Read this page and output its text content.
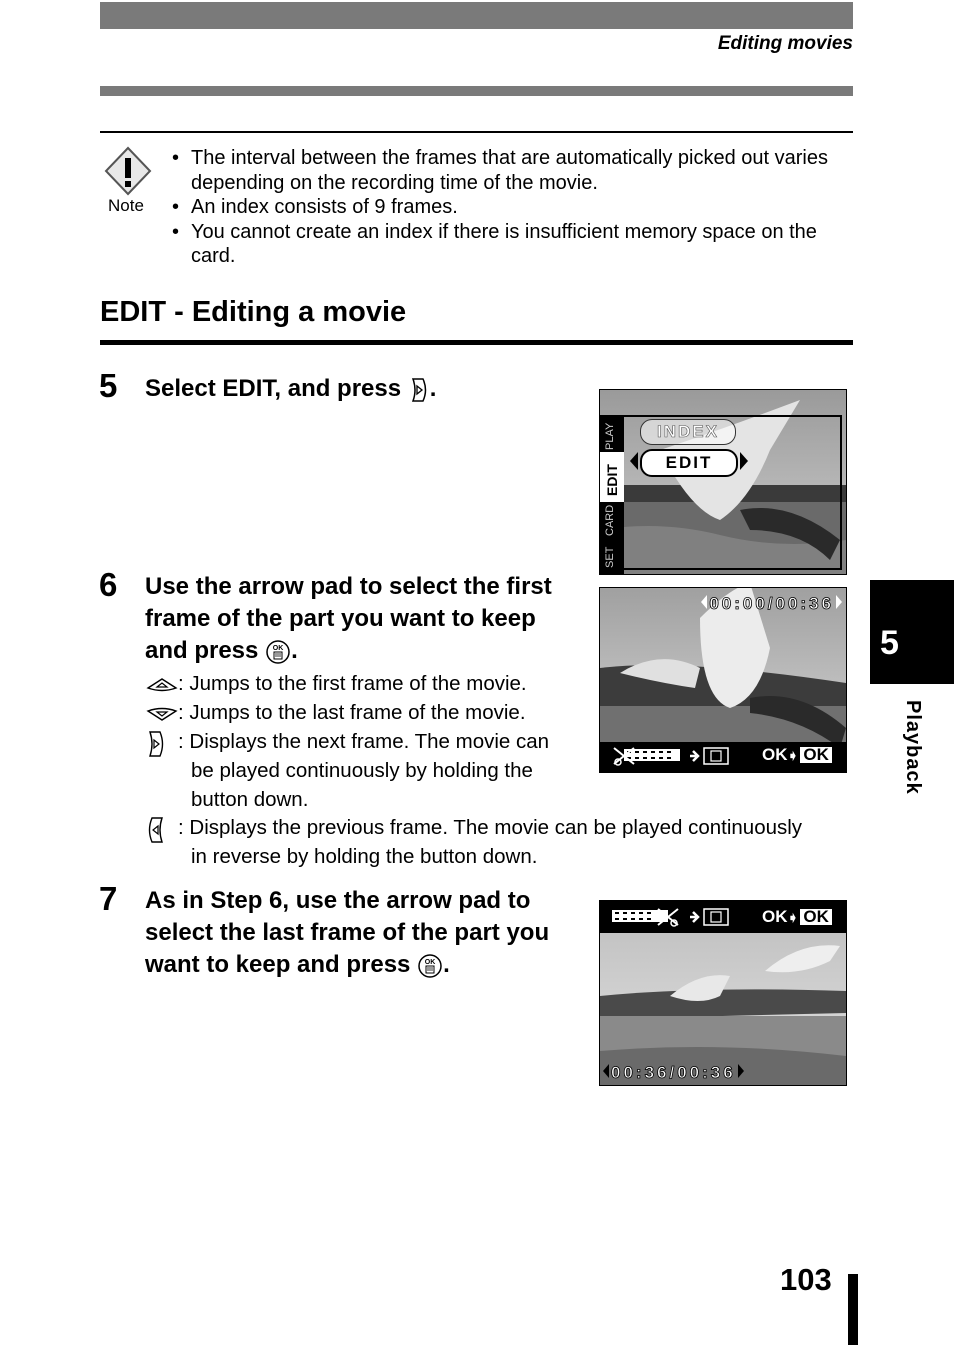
Editing movies
Note
• The interval between the frames that are automatically picked out varies depending on the recording time of the movie.
• An index consists of 9 frames.
• You cannot create an index if there is insufficient memory space on the card.
EDIT - Editing a movie
5 Select EDIT, and press .
INDEX
EDIT
PLAY
EDIT
CARD
SET
6 Use the arrow pad to select the first
frame of the part you want to keep
and press OK .
: Jumps to the first frame of the movie.
: Jumps to the last frame of the movie.
: Displays the next frame. The movie can
be played continuously by holding the
button down.
: Displays the previous frame. The movie can be played continuously
in reverse by holding the button down.
00:00/00:36
OK➧ OK
7 As in Step 6, use the arrow pad to
select the last frame of the part you
want to keep and press OK .
OK➧ OK
00:36/00:36
5
Playback
103
